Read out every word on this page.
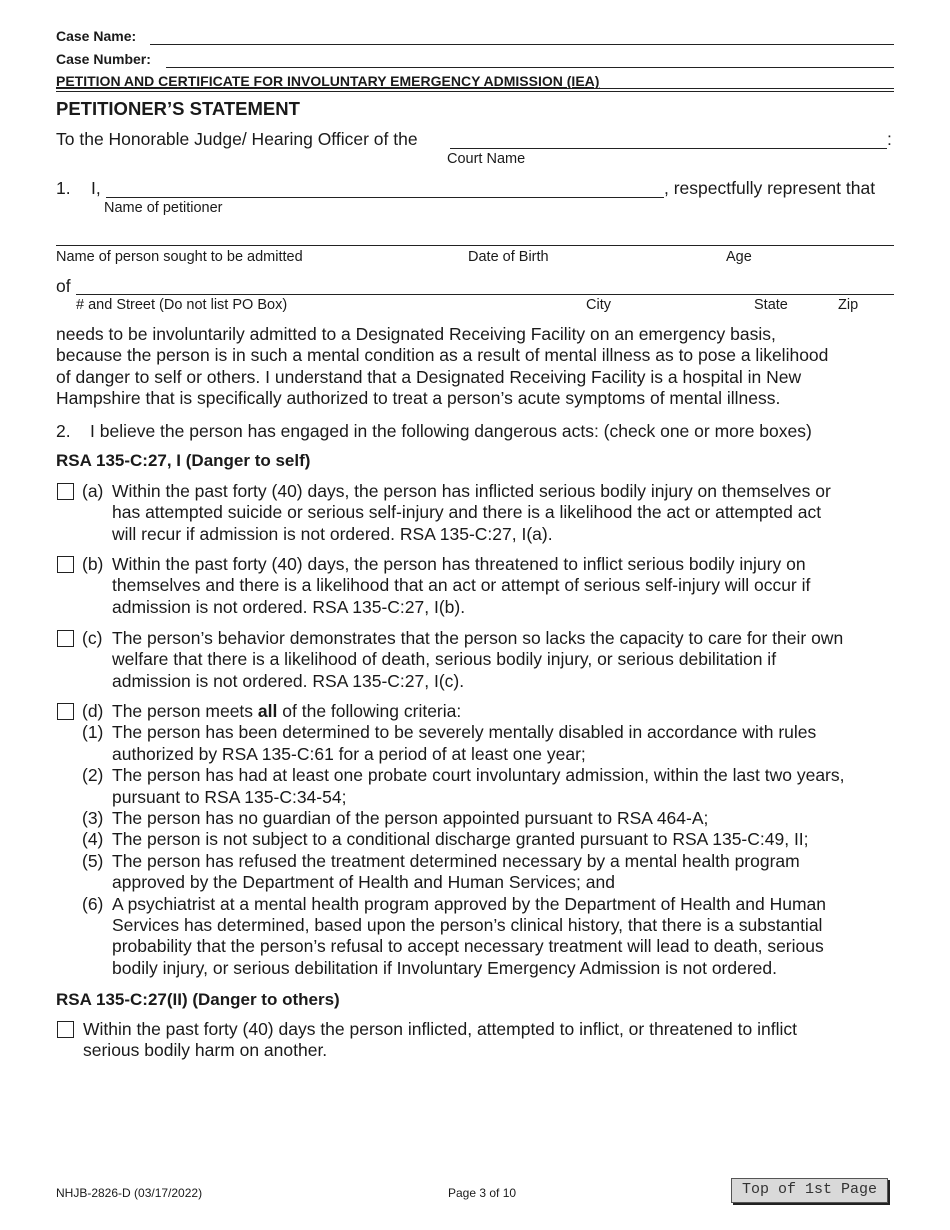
Case Name:
Case Number:
PETITION AND CERTIFICATE FOR INVOLUNTARY EMERGENCY ADMISSION (IEA)
PETITIONER’S STATEMENT
To the Honorable Judge/ Hearing Officer of the	:
Court Name
1. I,	, respectfully represent that
Name of petitioner
Name of person sought to be admitted	Date of Birth	Age
of
# and Street (Do not list PO Box)	City	State	Zip
needs to be involuntarily admitted to a Designated Receiving Facility on an emergency basis,
because the person is in such a mental condition as a result of mental illness as to pose a likelihood
of danger to self or others. I understand that a Designated Receiving Facility is a hospital in New
Hampshire that is specifically authorized to treat a person’s acute symptoms of mental illness.
2. I believe the person has engaged in the following dangerous acts: (check one or more boxes)
RSA 135-C:27, I (Danger to self)
(a) Within the past forty (40) days, the person has inflicted serious bodily injury on themselves or
has attempted suicide or serious self-injury and there is a likelihood the act or attempted act
will recur if admission is not ordered. RSA 135-C:27, I(a).
(b) Within the past forty (40) days, the person has threatened to inflict serious bodily injury on
themselves and there is a likelihood that an act or attempt of serious self-injury will occur if
admission is not ordered. RSA 135-C:27, I(b).
(c) The person’s behavior demonstrates that the person so lacks the capacity to care for their own
welfare that there is a likelihood of death, serious bodily injury, or serious debilitation if
admission is not ordered. RSA 135-C:27, I(c).
(d) The person meets all of the following criteria:
(1) The person has been determined to be severely mentally disabled in accordance with rules
authorized by RSA 135-C:61 for a period of at least one year;
(2) The person has had at least one probate court involuntary admission, within the last two years,
pursuant to RSA 135-C:34-54;
(3) The person has no guardian of the person appointed pursuant to RSA 464-A;
(4) The person is not subject to a conditional discharge granted pursuant to RSA 135-C:49, II;
(5) The person has refused the treatment determined necessary by a mental health program
approved by the Department of Health and Human Services; and
(6) A psychiatrist at a mental health program approved by the Department of Health and Human
Services has determined, based upon the person’s clinical history, that there is a substantial
probability that the person’s refusal to accept necessary treatment will lead to death, serious
bodily injury, or serious debilitation if Involuntary Emergency Admission is not ordered.
RSA 135-C:27(II) (Danger to others)
Within the past forty (40) days the person inflicted, attempted to inflict, or threatened to inflict
serious bodily harm on another.
NHJB-2826-D (03/17/2022)	Page 3 of 10	Top of 1st Page
